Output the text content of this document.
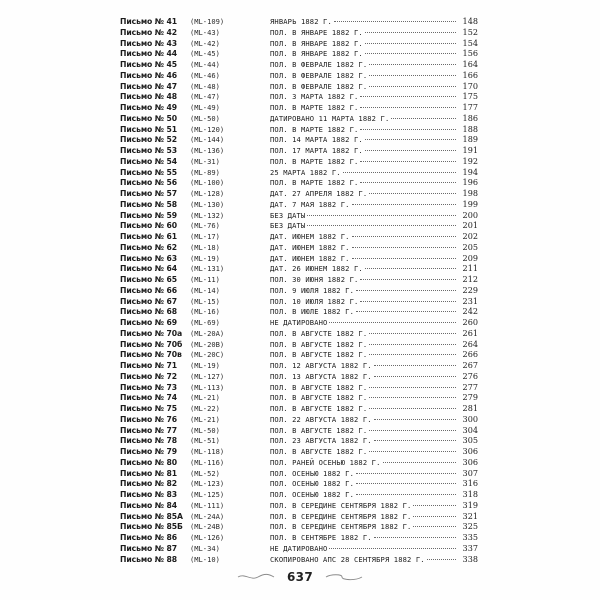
Письмо № 41	(ML-109)	ЯНВАРЬ 1882 Г.	148
Письмо № 42	(ML-43)	ПОЛ. В ЯНВАРЕ 1882 Г.	152
Письмо № 43	(ML-42)	ПОЛ. В ЯНВАРЕ 1882 Г.	154
Письмо № 44	(ML-45)	ПОЛ. В ЯНВАРЕ 1882 Г.	156
Письмо № 45	(ML-44)	ПОЛ. В ФЕВРАЛЕ 1882 Г.	164
Письмо № 46	(ML-46)	ПОЛ. В ФЕВРАЛЕ 1882 Г.	166
Письмо № 47	(ML-48)	ПОЛ. В ФЕВРАЛЕ 1882 Г.	170
Письмо № 48	(ML-47)	ПОЛ. 3 МАРТА 1882 Г.	175
Письмо № 49	(ML-49)	ПОЛ. В МАРТЕ 1882 Г.	177
Письмо № 50	(ML-50)	ДАТИРОВАНО 11 МАРТА 1882 Г.	186
Письмо № 51	(ML-120)	ПОЛ. В МАРТЕ 1882 Г.	188
Письмо № 52	(ML-144)	ПОЛ. 14 МАРТА 1882 Г.	189
Письмо № 53	(ML-136)	ПОЛ. 17 МАРТА 1882 Г.	191
Письмо № 54	(ML-31)	ПОЛ. В МАРТЕ 1882 Г.	192
Письмо № 55	(ML-89)	25 МАРТА 1882 Г.	194
Письмо № 56	(ML-100)	ПОЛ. В МАРТЕ 1882 Г.	196
Письмо № 57	(ML-128)	ДАТ. 27 АПРЕЛЯ 1882 Г.	198
Письмо № 58	(ML-130)	ДАТ. 7 МАЯ 1882 Г.	199
Письмо № 59	(ML-132)	БЕЗ ДАТЫ	200
Письмо № 60	(ML-76)	БЕЗ ДАТЫ	201
Письмо № 61	(ML-17)	ДАТ. ИЮНЕМ 1882 Г.	202
Письмо № 62	(ML-18)	ДАТ. ИЮНЕМ 1882 Г.	205
Письмо № 63	(ML-19)	ДАТ. ИЮНЕМ 1882 Г.	209
Письмо № 64	(ML-131)	ДАТ. 26 ИЮНЕМ 1882 Г.	211
Письмо № 65	(ML-11)	ПОЛ. 30 ИЮНЯ 1882 Г.	212
Письмо № 66	(ML-14)	ПОЛ. 9 ИЮЛЯ 1882 Г.	229
Письмо № 67	(ML-15)	ПОЛ. 10 ИЮЛЯ 1882 Г.	231
Письмо № 68	(ML-16)	ПОЛ. В ИЮЛЕ 1882 Г.	242
Письмо № 69	(ML-69)	НЕ ДАТИРОВАНО	260
Письмо № 70а	(ML-20A)	ПОЛ. В АВГУСТЕ 1882 Г.	261
Письмо № 70б	(ML-20B)	ПОЛ. В АВГУСТЕ 1882 Г.	264
Письмо № 70в	(ML-20C)	ПОЛ. В АВГУСТЕ 1882 Г.	266
Письмо № 71	(ML-19)	ПОЛ. 12 АВГУСТА 1882 Г.	267
Письмо № 72	(ML-127)	ПОЛ. 13 АВГУСТА 1882 Г.	276
Письмо № 73	(ML-113)	ПОЛ. В АВГУСТЕ 1882 Г.	277
Письмо № 74	(ML-21)	ПОЛ. В АВГУСТЕ 1882 Г.	279
Письмо № 75	(ML-22)	ПОЛ. В АВГУСТЕ 1882 Г.	281
Письмо № 76	(ML-21)	ПОЛ. 22 АВГУСТА 1882 Г.	300
Письмо № 77	(ML-50)	ПОЛ. В АВГУСТЕ 1882 Г.	304
Письмо № 78	(ML-51)	ПОЛ. 23 АВГУСТА 1882 Г.	305
Письмо № 79	(ML-118)	ПОЛ. В АВГУСТЕ 1882 Г.	306
Письмо № 80	(ML-116)	ПОЛ. РАНЕЙ ОСЕНЬЮ 1882 Г.	306
Письмо № 81	(ML-52)	ПОЛ. ОСЕНЬЮ 1882 Г.	307
Письмо № 82	(ML-123)	ПОЛ. ОСЕНЬЮ 1882 Г.	316
Письмо № 83	(ML-125)	ПОЛ. ОСЕНЬЮ 1882 Г.	318
Письмо № 84	(ML-111)	ПОЛ. В СЕРЕДИНЕ СЕНТЯБРЯ 1882 Г.	319
Письмо № 85А	(ML-24A)	ПОЛ. В СЕРЕДИНЕ СЕНТЯБРЯ 1882 Г.	321
Письмо № 85Б	(ML-24B)	ПОЛ. В СЕРЕДИНЕ СЕНТЯБРЯ 1882 Г.	325
Письмо № 86	(ML-126)	ПОЛ. В СЕНТЯБРЕ 1882 Г.	335
Письмо № 87	(ML-34)	НЕ ДАТИРОВАНО	337
Письмо № 88	(ML-10)	СКОПИРОВАНО АПС 28 СЕНТЯБРЯ 1882 Г.	338
637
